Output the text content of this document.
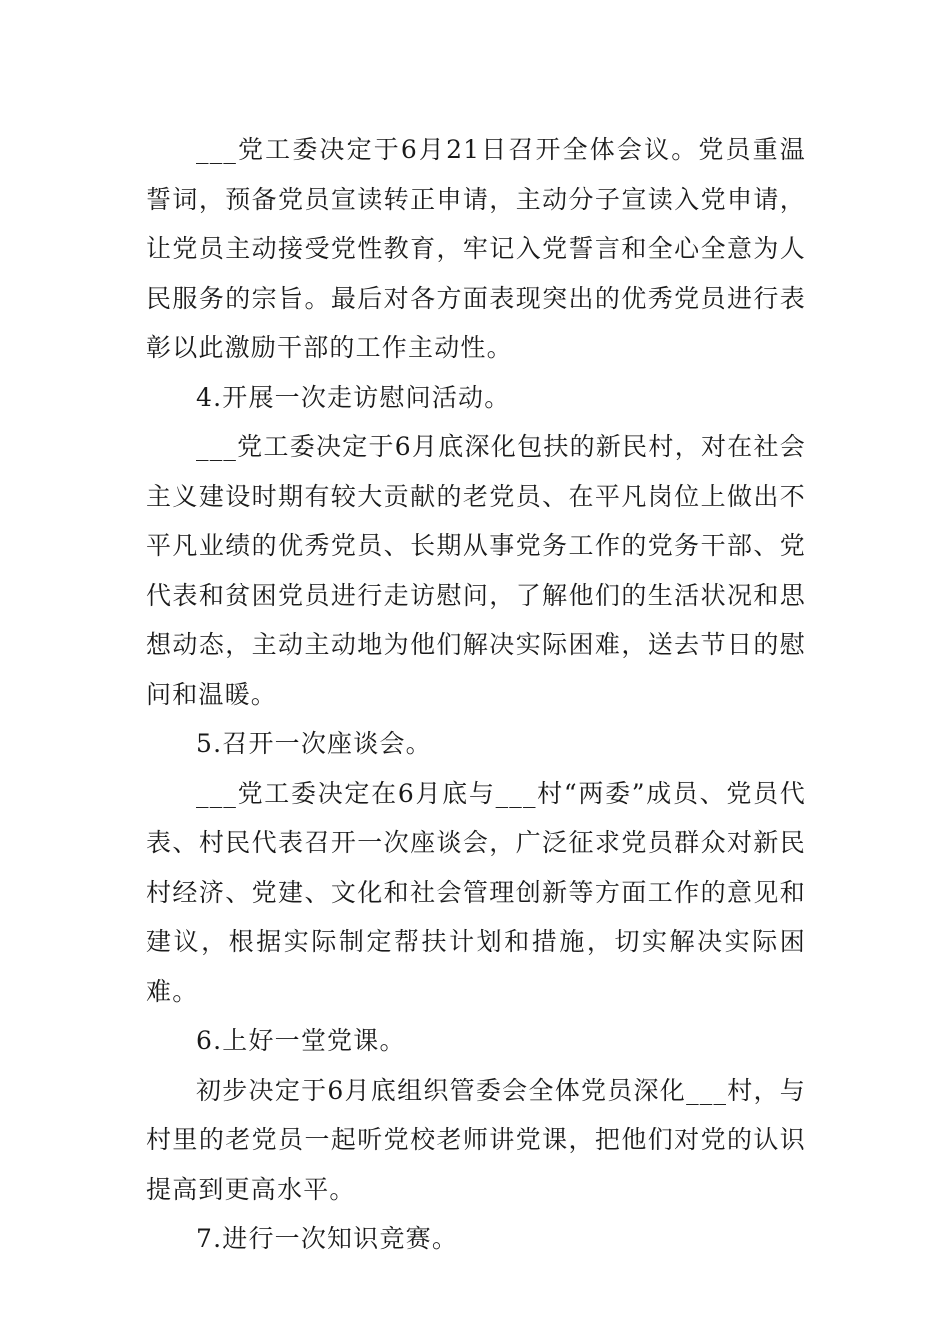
___党工委决定于6月21日召开全体会议。党员重温誓词，预备党员宣读转正申请，主动分子宣读入党申请，让党员主动接受党性教育，牢记入党誓言和全心全意为人民服务的宗旨。最后对各方面表现突出的优秀党员进行表彰以此激励干部的工作主动性。

4.开展一次走访慰问活动。

___党工委决定于6月底深化包扶的新民村，对在社会主义建设时期有较大贡献的老党员、在平凡岗位上做出不平凡业绩的优秀党员、长期从事党务工作的党务干部、党代表和贫困党员进行走访慰问，了解他们的生活状况和思想动态，主动主动地为他们解决实际困难，送去节日的慰问和温暖。

5.召开一次座谈会。

___党工委决定在6月底与___村“两委”成员、党员代表、村民代表召开一次座谈会，广泛征求党员群众对新民村经济、党建、文化和社会管理创新等方面工作的意见和建议，根据实际制定帮扶计划和措施，切实解决实际困难。

6.上好一堂党课。

初步决定于6月底组织管委会全体党员深化___村，与村里的老党员一起听党校老师讲党课，把他们对党的认识提高到更高水平。

7.进行一次知识竞赛。
